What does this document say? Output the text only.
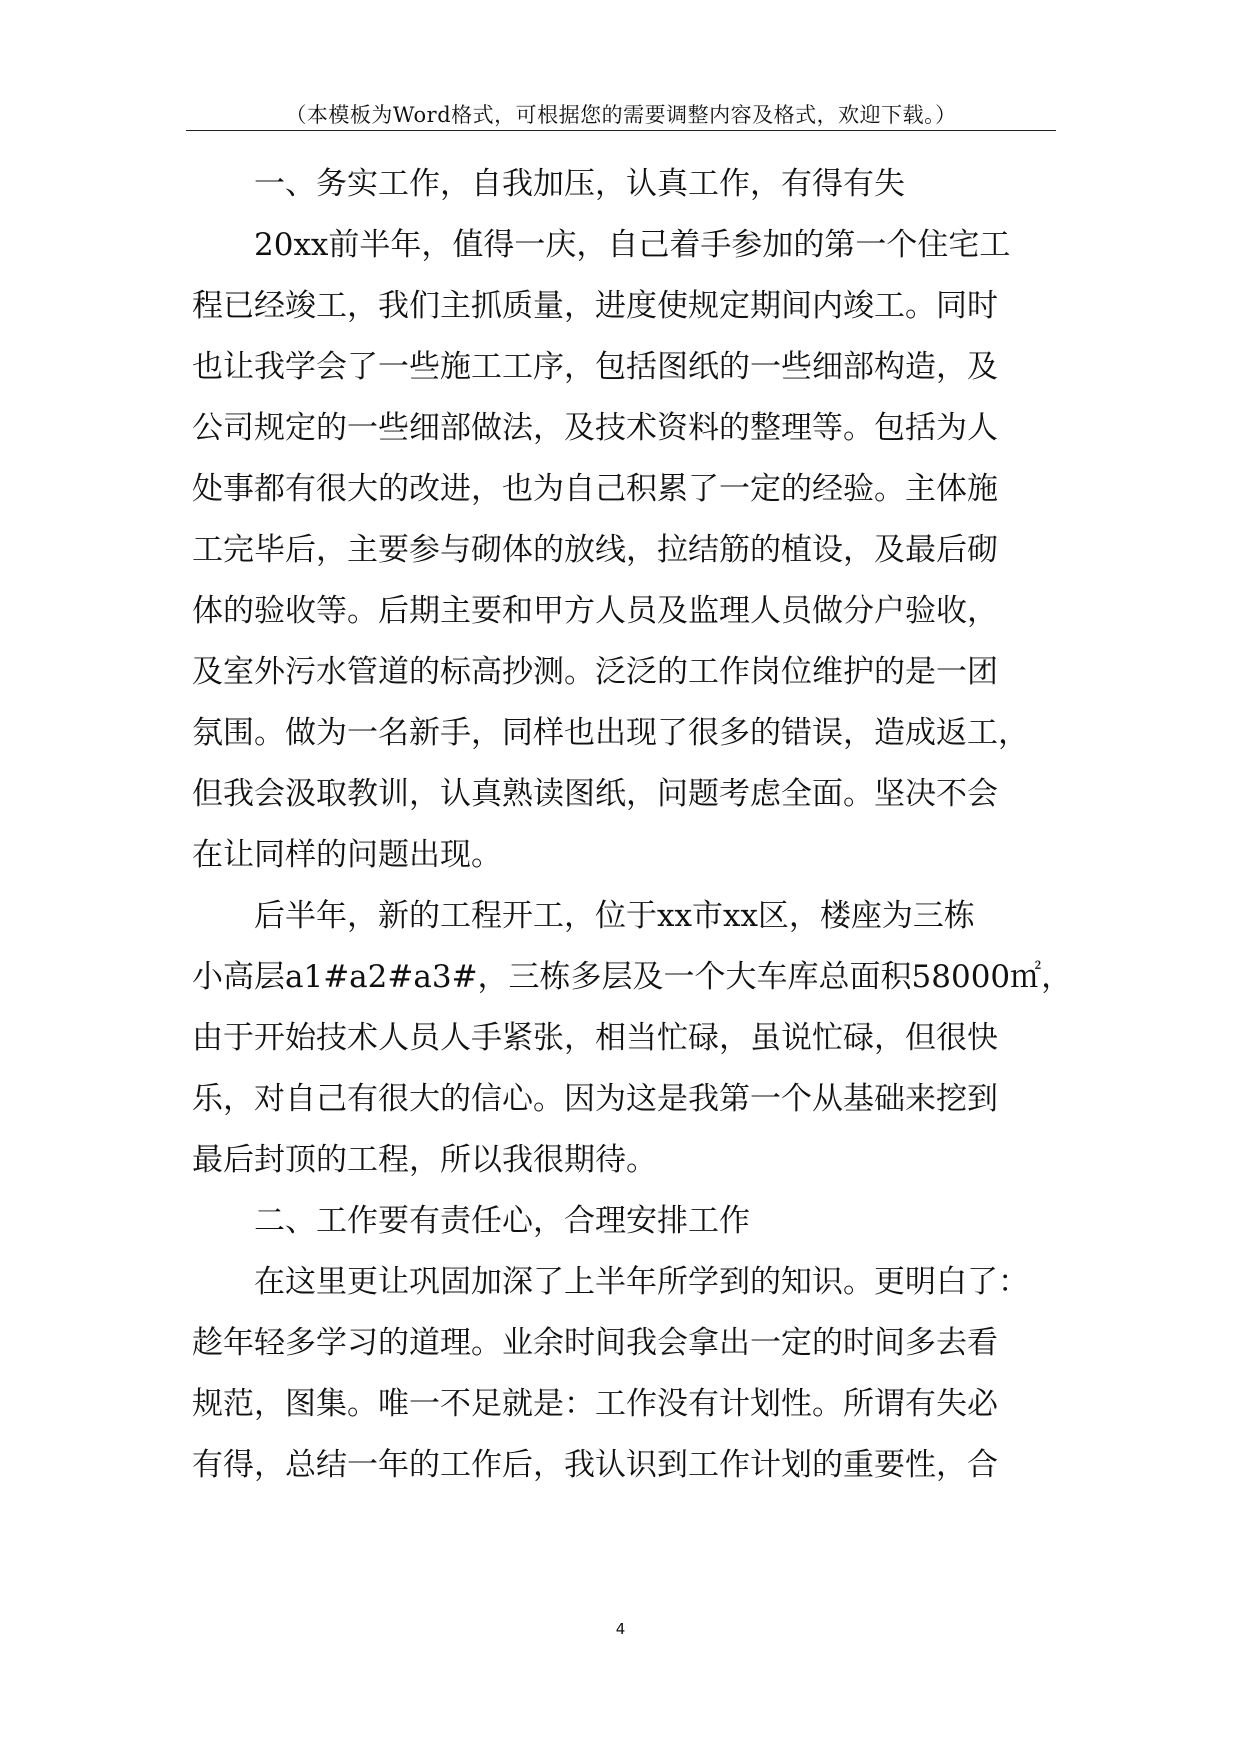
（本模板为Word格式，可根据您的需要调整内容及格式，欢迎下载。）
一、务实工作，自我加压，认真工作，有得有失
20xx前半年，值得一庆，自己着手参加的第一个住宅工
程已经竣工，我们主抓质量，进度使规定期间内竣工。同时
也让我学会了一些施工工序，包括图纸的一些细部构造，及
公司规定的一些细部做法，及技术资料的整理等。包括为人
处事都有很大的改进，也为自己积累了一定的经验。主体施
工完毕后，主要参与砌体的放线，拉结筋的植设，及最后砌
体的验收等。后期主要和甲方人员及监理人员做分户验收，
及室外污水管道的标高抄测。泛泛的工作岗位维护的是一团
氛围。做为一名新手，同样也出现了很多的错误，造成返工，
但我会汲取教训，认真熟读图纸，问题考虑全面。坚决不会
在让同样的问题出现。
后半年，新的工程开工，位于xx市xx区，楼座为三栋
小高层a1#a2#a3#，三栋多层及一个大车库总面积58000㎡，
由于开始技术人员人手紧张，相当忙碌，虽说忙碌，但很快
乐，对自己有很大的信心。因为这是我第一个从基础来挖到
最后封顶的工程，所以我很期待。
二、工作要有责任心，合理安排工作
在这里更让巩固加深了上半年所学到的知识。更明白了：
趁年轻多学习的道理。业余时间我会拿出一定的时间多去看
规范，图集。唯一不足就是：工作没有计划性。所谓有失必
有得，总结一年的工作后，我认识到工作计划的重要性，合
4
